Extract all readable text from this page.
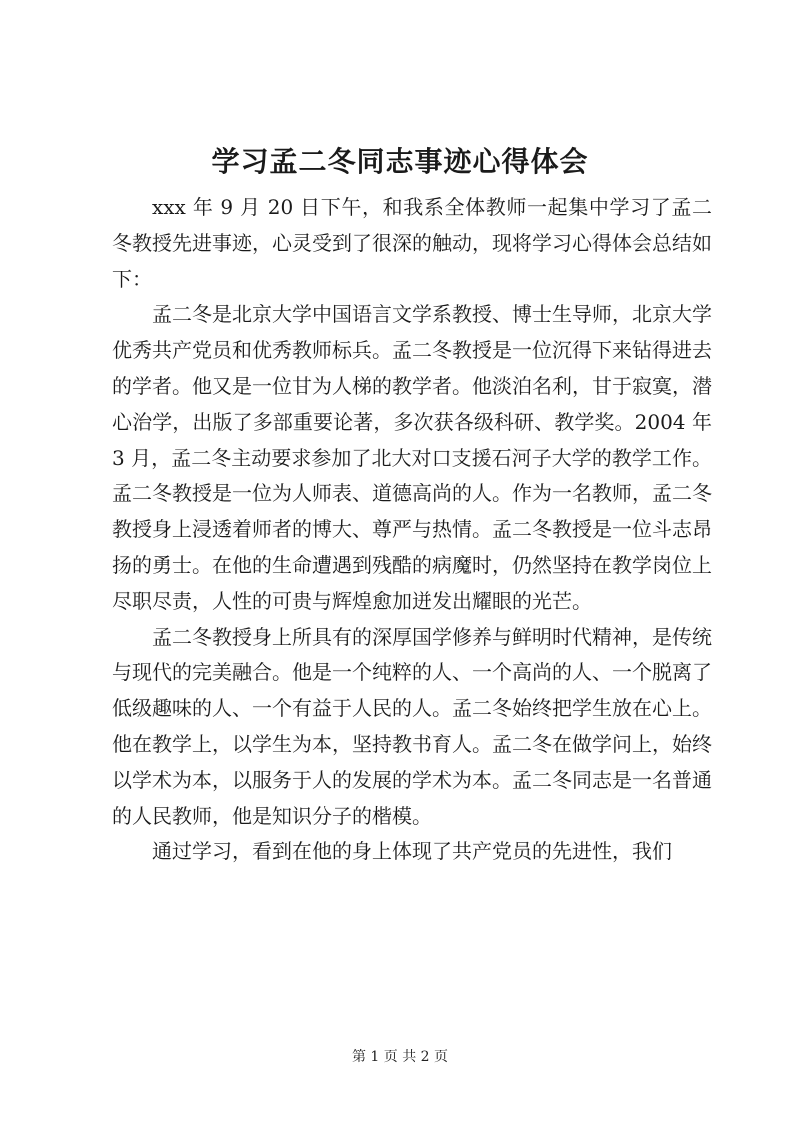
学习孟二冬同志事迹心得体会

xxx 年 9 月 20 日下午，和我系全体教师一起集中学习了孟二冬教授先进事迹，心灵受到了很深的触动，现将学习心得体会总结如下：

孟二冬是北京大学中国语言文学系教授、博士生导师，北京大学优秀共产党员和优秀教师标兵。孟二冬教授是一位沉得下来钻得进去的学者。他又是一位甘为人梯的教学者。他淡泊名利，甘于寂寞，潜心治学，出版了多部重要论著，多次获各级科研、教学奖。2004 年 3 月，孟二冬主动要求参加了北大对口支援石河子大学的教学工作。孟二冬教授是一位为人师表、道德高尚的人。作为一名教师，孟二冬教授身上浸透着师者的博大、尊严与热情。孟二冬教授是一位斗志昂扬的勇士。在他的生命遭遇到残酷的病魔时，仍然坚持在教学岗位上尽职尽责，人性的可贵与辉煌愈加迸发出耀眼的光芒。

孟二冬教授身上所具有的深厚国学修养与鲜明时代精神，是传统与现代的完美融合。他是一个纯粹的人、一个高尚的人、一个脱离了低级趣味的人、一个有益于人民的人。孟二冬始终把学生放在心上。他在教学上，以学生为本，坚持教书育人。孟二冬在做学问上，始终以学术为本，以服务于人的发展的学术为本。孟二冬同志是一名普通的人民教师，他是知识分子的楷模。

通过学习，看到在他的身上体现了共产党员的先进性，我们

第 1 页 共 2 页
